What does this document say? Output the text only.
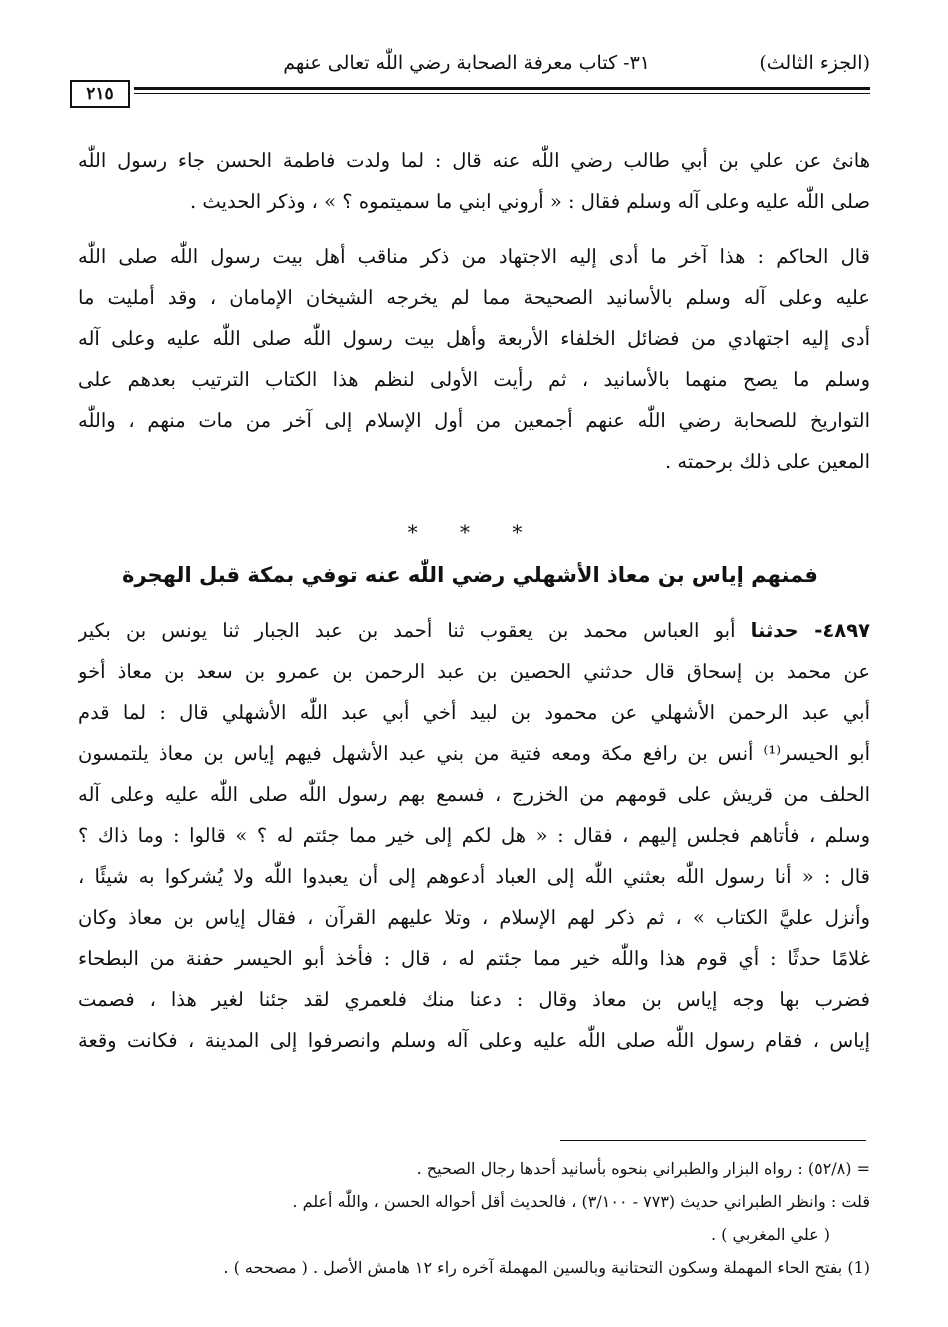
(الجزء الثالث)
٣١- كتاب معرفة الصحابة رضي اللّٰه تعالى عنهم
٢١٥
هانئ عن علي بن أبي طالب رضي اللّٰه عنه قال : لما ولدت فاطمة الحسن جاء رسول اللّٰه
صلى اللّٰه عليه وعلى آله وسلم فقال : « أروني ابني ما سميتموه ؟ » ، وذكر الحديث .
قال الحاكم : هذا آخر ما أدى إليه الاجتهاد من ذكر مناقب أهل بيت رسول اللّٰه صلى اللّٰه
عليه وعلى آله وسلم بالأسانيد الصحيحة مما لم يخرجه الشيخان الإمامان ، وقد أمليت ما
أدى إليه اجتهادي من فضائل الخلفاء الأربعة وأهل بيت رسول اللّٰه صلى اللّٰه عليه وعلى آله
وسلم ما يصح منهما بالأسانيد ، ثم رأيت الأولى لنظم هذا الكتاب الترتيب بعدهم على
التواريخ للصحابة رضي اللّٰه عنهم أجمعين من أول الإسلام إلى آخر من مات منهم ، واللّٰه
المعين على ذلك برحمته .
* * *
فمنهم إياس بن معاذ الأشهلي رضي اللّٰه عنه توفي بمكة قبل الهجرة
٤٨٩٧- حدثنا أبو العباس محمد بن يعقوب ثنا أحمد بن عبد الجبار ثنا يونس بن بكير
عن محمد بن إسحاق قال حدثني الحصين بن عبد الرحمن بن عمرو بن سعد بن معاذ أخو
أبي عبد الرحمن الأشهلي عن محمود بن لبيد أخي أبي عبد اللّٰه الأشهلي قال : لما قدم
أبو الحيسر⁽¹⁾ أنس بن رافع مكة ومعه فتية من بني عبد الأشهل فيهم إياس بن معاذ يلتمسون
الحلف من قريش على قومهم من الخزرج ، فسمع بهم رسول اللّٰه صلى اللّٰه عليه وعلى آله
وسلم ، فأتاهم فجلس إليهم ، فقال : « هل لكم إلى خير مما جئتم له ؟ » قالوا : وما ذاك ؟
قال : « أنا رسول اللّٰه بعثني اللّٰه إلى العباد أدعوهم إلى أن يعبدوا اللّٰه ولا يُشركوا به شيئًا ،
وأنزل عليَّ الكتاب » ، ثم ذكر لهم الإسلام ، وتلا عليهم القرآن ، فقال إياس بن معاذ وكان
غلامًا حدثًا : أي قوم هذا واللّٰه خير مما جئتم له ، قال : فأخذ أبو الحيسر حفنة من البطحاء
فضرب بها وجه إياس بن معاذ وقال : دعنا منك فلعمري لقد جئنا لغير هذا ، فصمت
إياس ، فقام رسول اللّٰه صلى اللّٰه عليه وعلى آله وسلم وانصرفوا إلى المدينة ، فكانت وقعة
= (٥٢/٨) : رواه البزار والطبراني بنحوه بأسانيد أحدها رجال الصحيح .
قلت : وانظر الطبراني حديث (٧٧٣ - ٣/١٠٠) ، فالحديث أقل أحواله الحسن ، واللّٰه أعلم .
( علي المغربي ) .
(1) بفتح الحاء المهملة وسكون التحتانية وبالسين المهملة آخره راء ١٢ هامش الأصل . ( مصححه ) .
